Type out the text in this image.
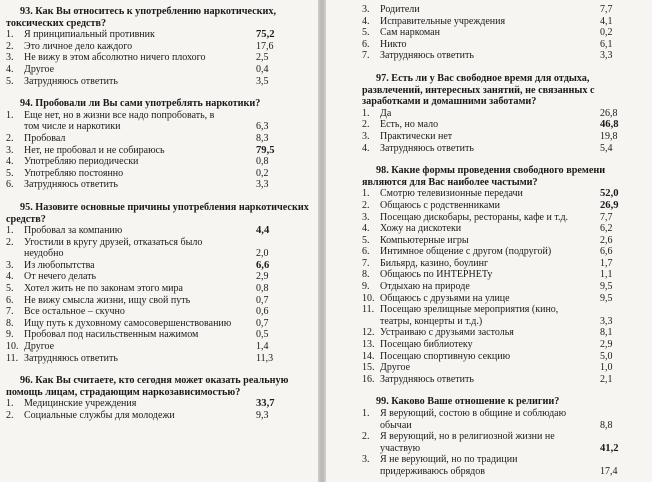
93. Как Вы относитесь к употреблению наркотических, токсических средств?

1. Я принципиальный противник	75,2
2. Это личное дело каждого	17,6
3. Не вижу в этом абсолютно ничего плохого	2,5
4. Другое	0,4
5. Затрудняюсь ответить	3,5

94. Пробовали ли Вы сами употреблять наркотики?

1. Еще нет, но в жизни все надо попробовать, в том числе и наркотики	6,3
2. Пробовал	8,3
3. Нет, не пробовал и не собираюсь	79,5
4. Употребляю периодически	0,8
5. Употребляю постоянно	0,2
6. Затрудняюсь ответить	3,3

95. Назовите основные причины употребления наркотических средств?

1. Пробовал за компанию	4,4
2. Угостили в кругу друзей, отказаться было неудобно	2,0
3. Из любопытства	6,6
4. От нечего делать	2,9
5. Хотел жить не по законам этого мира	0,8
6. Не вижу смысла жизни, ищу свой путь	0,7
7. Все остальное – скучно	0,6
8. Ищу путь к духовному самосовершенствованию 0,7
9. Пробовал под насильственным нажимом	0,5
10. Другое	1,4
11. Затрудняюсь ответить	11,3

96. Как Вы считаете, кто сегодня может оказать реальную помощь лицам, страдающим наркозависимостью?

1. Медицинские учреждения	33,7
2. Социальные службы для молодежи	9,3
3. Родители	7,7
4. Исправительные учреждения	4,1
5. Сам наркоман	0,2
6. Никто	6,1
7. Затрудняюсь ответить	3,3

97. Есть ли у Вас свободное время для отдыха, развлечений, интересных занятий, не связанных с заработками и домашними заботами?

1. Да	26,8
2. Есть, но мало	46,8
3. Практически нет	19,8
4. Затрудняюсь ответить	5,4

98. Какие формы проведения свободного времени являются для Вас наиболее частыми?

1. Смотрю телевизионные передачи	52,0
2. Общаюсь с родственниками	26,9
3. Посещаю дискобары, рестораны, кафе и т.д.	7,7
4. Хожу на дискотеки	6,2
5. Компьютерные игры	2,6
6. Интимное общение с другом (подругой)	6,6
7. Бильярд, казино, боулинг	1,7
8. Общаюсь по ИНТЕРНЕТу	1,1
9. Отдыхаю на природе	9,5
10. Общаюсь с друзьями на улице	9,5
11. Посещаю зрелищные мероприятия (кино, театры, концерты и т.д.)	3,3
12. Устраиваю с друзьями застолья	8,1
13. Посещаю библиотеку	2,9
14. Посещаю спортивную секцию	5,0
15. Другое	1,0
16. Затрудняюсь ответить	2,1

99. Каково Ваше отношение к религии?

1. Я верующий, состою в общине и соблюдаю обычаи	8,8
2. Я верующий, но в религиозной жизни не участвую	41,2
3. Я не верующий, но по традиции придерживаюсь обрядов	17,4
